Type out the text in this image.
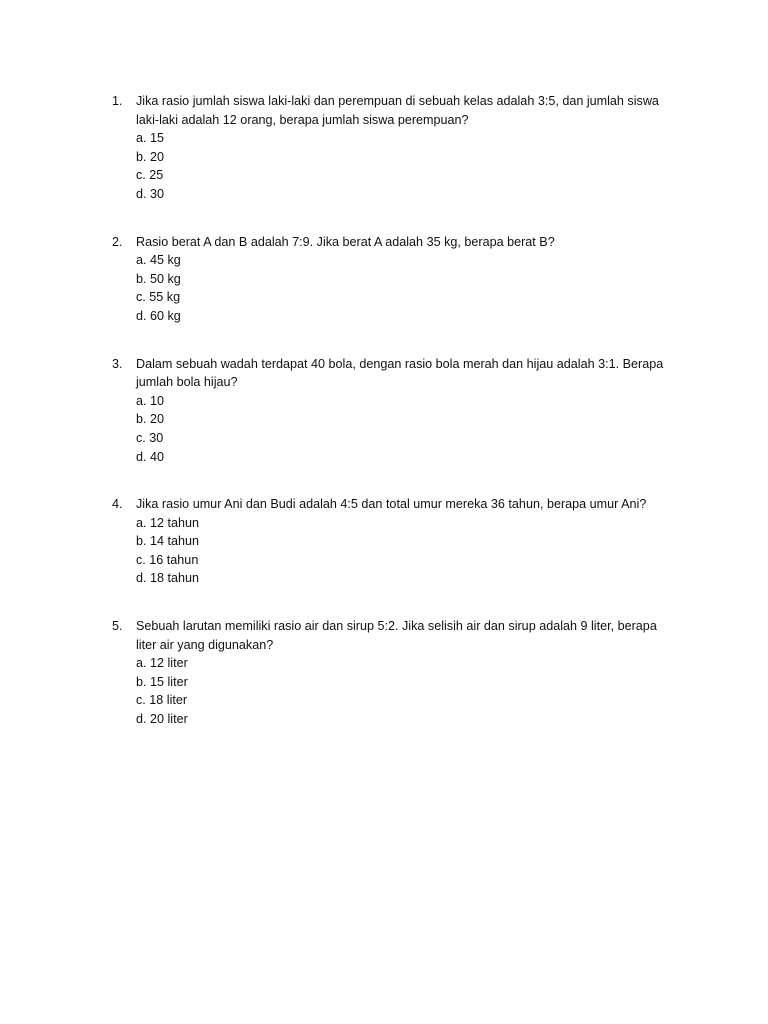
1.	Jika rasio jumlah siswa laki-laki dan perempuan di sebuah kelas adalah 3:5, dan jumlah siswa laki-laki adalah 12 orang, berapa jumlah siswa perempuan?
a. 15
b. 20
c. 25
d. 30
2.	Rasio berat A dan B adalah 7:9. Jika berat A adalah 35 kg, berapa berat B?
a. 45 kg
b. 50 kg
c. 55 kg
d. 60 kg
3.	Dalam sebuah wadah terdapat 40 bola, dengan rasio bola merah dan hijau adalah 3:1. Berapa jumlah bola hijau?
a. 10
b. 20
c. 30
d. 40
4.	Jika rasio umur Ani dan Budi adalah 4:5 dan total umur mereka 36 tahun, berapa umur Ani?
a. 12 tahun
b. 14 tahun
c. 16 tahun
d. 18 tahun
5.	Sebuah larutan memiliki rasio air dan sirup 5:2. Jika selisih air dan sirup adalah 9 liter, berapa liter air yang digunakan?
a. 12 liter
b. 15 liter
c. 18 liter
d. 20 liter
